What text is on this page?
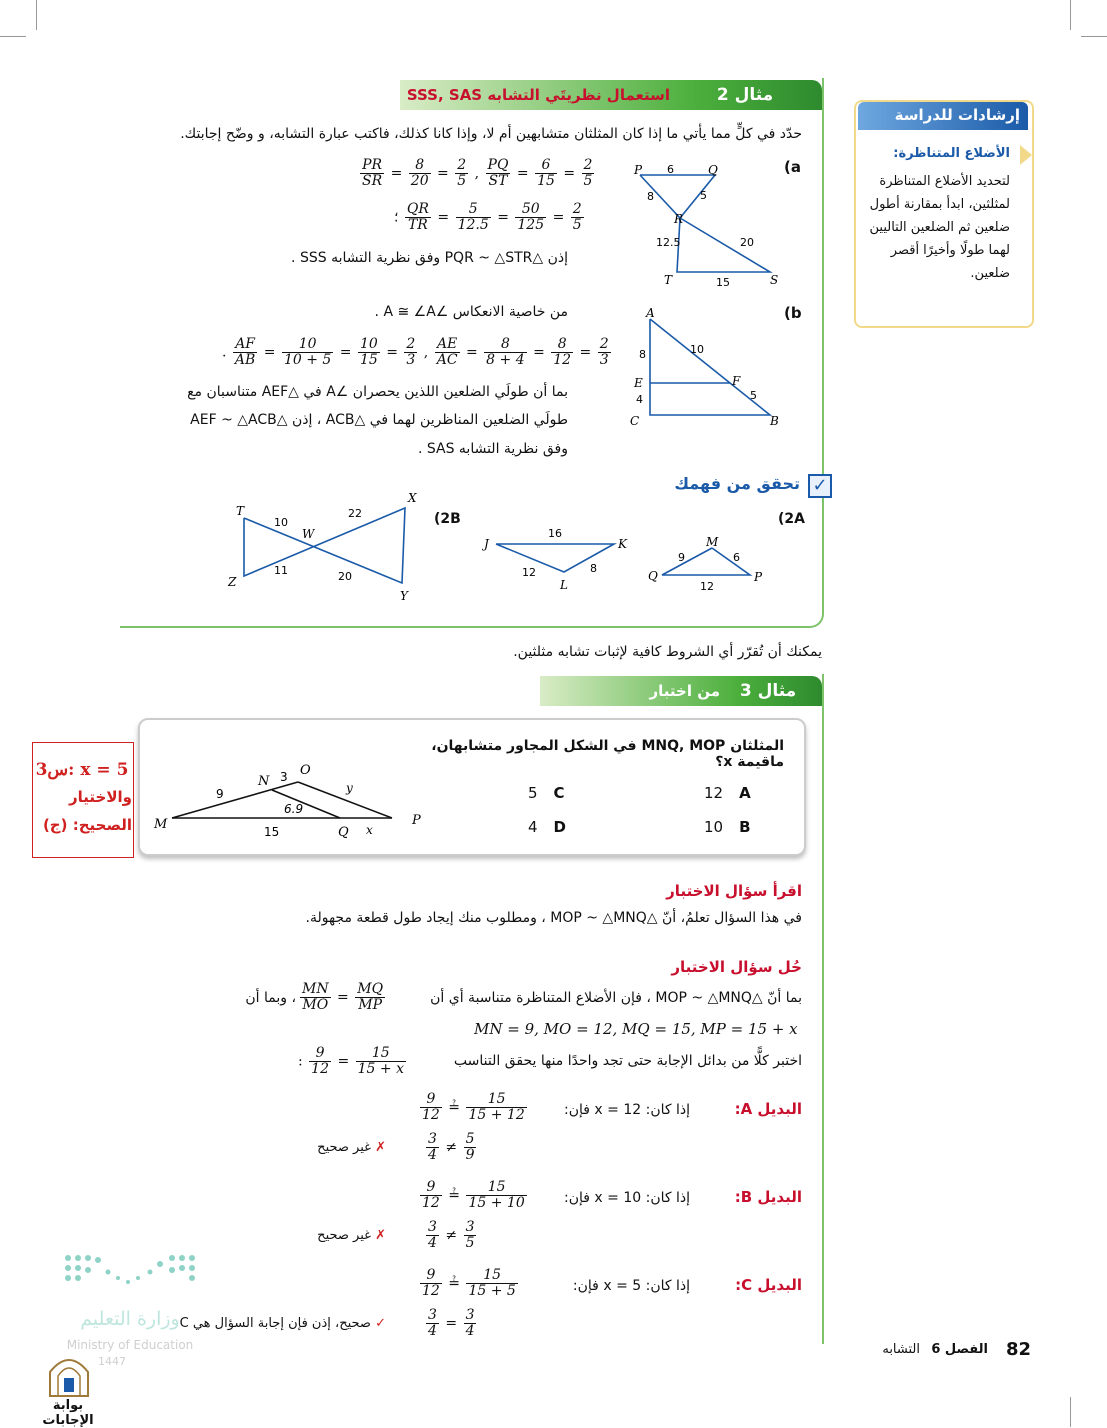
مثال 2
استعمال نظريتَي التشابه SSS, SAS
حدّد في كلٍّ مما يأتي ما إذا كان المثلثان متشابهين أم لا، وإذا كانا كذلك، فاكتب عبارة التشابه، و وضّح إجابتك.
(a
$\frac{PR}{SR} = \frac{8}{20} = \frac{2}{5}$ , $\frac{PQ}{ST} = \frac{6}{15} = \frac{2}{5}$
؛ $\frac{QR}{TR} = \frac{5}{12.5} = \frac{50}{125} = \frac{2}{5}$
إذن △PQR ~ △STR وفق نظرية التشابه SSS .
P	Q
R
T	S
6
8	5
12.5	20
15
(b
من خاصية الانعكاس ∠A ≅ ∠A .
. $\frac{AF}{AB} = \frac{10}{10 + 5} = \frac{10}{15} = \frac{2}{3}$ , $\frac{AE}{AC} = \frac{8}{8 + 4} = \frac{8}{12} = \frac{2}{3}$
بما أن طولَي الضلعين اللذين يحصران ∠A في △AEF متناسبان مع
طولَي الضلعين المناظرين لهما في △ACB ، إذن △AEF ~ △ACB
وفق نظرية التشابه SAS .
A
E	F
C	B
8	10
4	5
✓
تحقق من فهمك
(2A
(2B
M
P
Q
9	6
12
J	K
L
16
12	8
T
X
W
Z
Y
10
22
11	20
إرشادات للدراسة
الأضلاع المتناظرة:
لتحديد الأضلاع المتناظرة لمثلثين، ابدأ بمقارنة أطول ضلعين ثم الضلعين التاليين لهما طولًا وأخيرًا أقصر ضلعين.
يمكنك أن تُقرّر أي الشروط كافية لإثبات تشابه مثلثين.
مثال 3
من اختبار
المثلثان MNQ, MOP في الشكل المجاور متشابهان، ماقيمة x؟
12 A
10 B
5 C
4 D
M
N
O
P
Q
9
3
6.9
y
15	x
س3: x = 5
والاختيار
الصحيح: (ج)
اقرأ سؤال الاختبار
في هذا السؤال تعلمُ، أنّ △MOP ~ △MNQ ، ومطلوب منك إيجاد طول قطعة مجهولة.
حُل سؤال الاختبار
بما أنّ △MOP ~ △MNQ ، فإن الأضلاع المتناظرة متناسبة أي أن
$\frac{MN}{MO} = \frac{MQ}{MP}$
، وبما أن
MN = 9, MO = 12, MQ = 15, MP = 15 + x
اختبر كلًّا من بدائل الإجابة حتى تجد واحدًا منها يحقق التناسب
: $\frac{9}{12} = \frac{15}{15 + x}$
البديل A:
إذا كان: x = 12 فإن:
$\frac{9}{12}$ ≟ $\frac{15}{15 + 12}$
$\frac{3}{4} \ne \frac{5}{9}$
✗ غير صحيح
البديل B:
إذا كان: x = 10 فإن:
$\frac{9}{12}$ ≟ $\frac{15}{15 + 10}$
$\frac{3}{4} \ne \frac{3}{5}$
✗ غير صحيح
البديل C:
إذا كان: x = 5 فإن:
$\frac{9}{12}$ ≟ $\frac{15}{15 + 5}$
$\frac{3}{4} = \frac{3}{4}$
✓ صحيح، إذن فإن إجابة السؤال هي C
وزارة التعليم
Ministry of Education
1447
بوابة الإجابات
82
الفصل 6
التشابه
